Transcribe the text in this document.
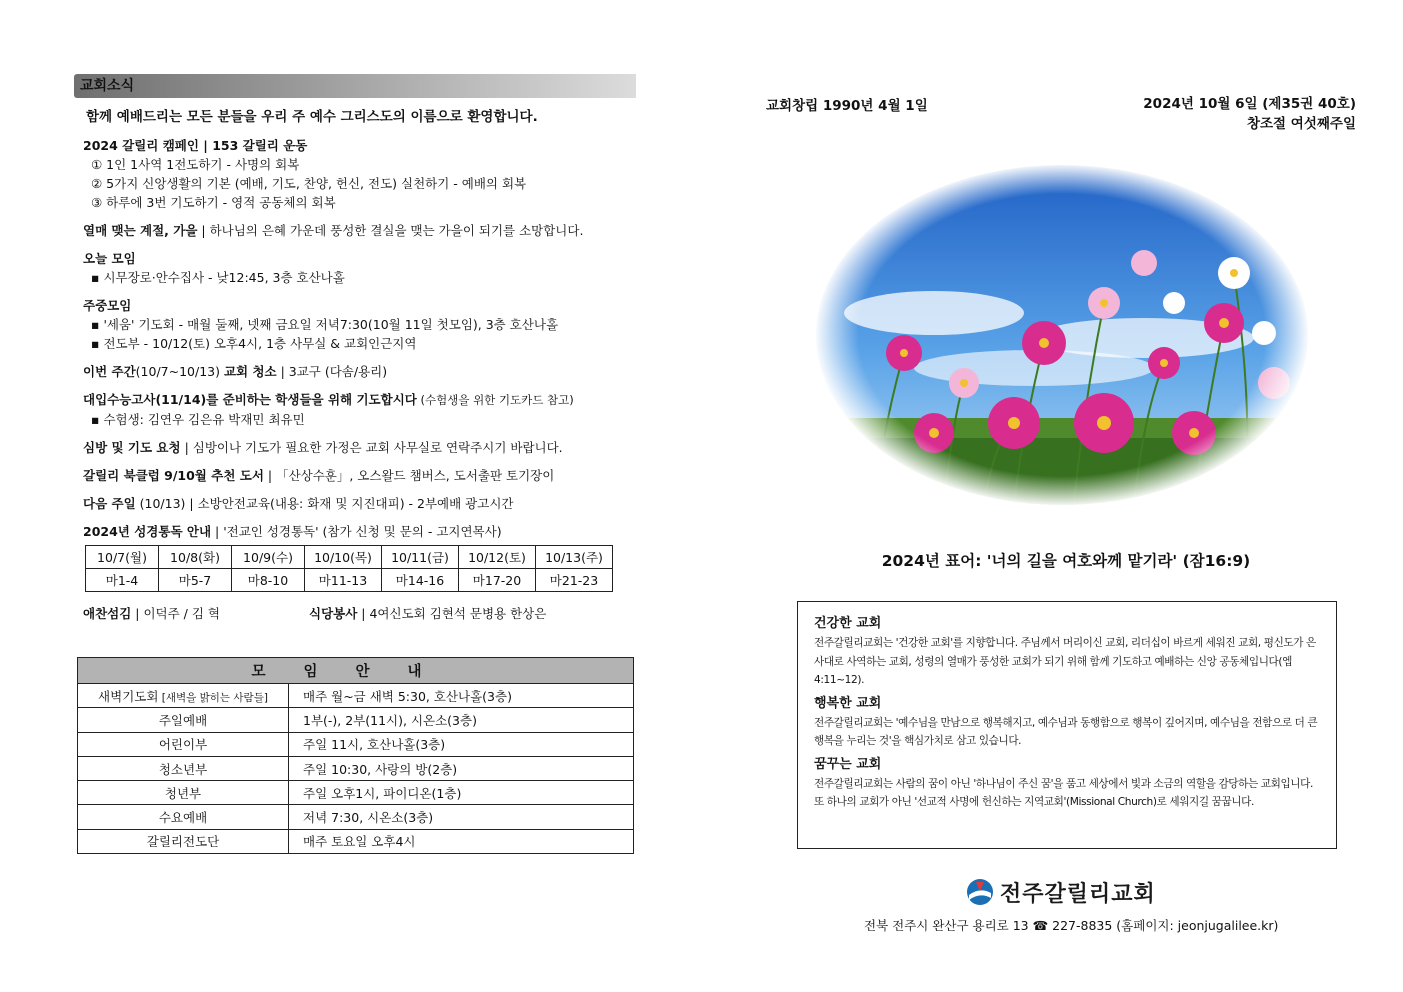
교회소식
함께 예배드리는 모든 분들을 우리 주 예수 그리스도의 이름으로 환영합니다.
2024 갈릴리 캠페인 | 153 갈릴리 운동
① 1인 1사역 1전도하기 - 사명의 회복
② 5가지 신앙생활의 기본 (예배, 기도, 찬양, 헌신, 전도) 실천하기 - 예배의 회복
③ 하루에 3번 기도하기 - 영적 공동체의 회복
열매 맺는 계절, 가을 | 하나님의 은혜 가운데 풍성한 결실을 맺는 가을이 되기를 소망합니다.
오늘 모임
▪ 시무장로·안수집사 - 낮12:45, 3층 호산나홀
주중모임
▪ '세움' 기도회 - 매월 둘째, 넷째 금요일 저녁7:30(10월 11일 첫모임), 3층 호산나홀
▪ 전도부 - 10/12(토) 오후4시, 1층 사무실 & 교회인근지역
이번 주간(10/7~10/13) 교회 청소 | 3교구 (다솜/용리)
대입수능고사(11/14)를 준비하는 학생들을 위해 기도합시다 (수험생을 위한 기도카드 참고)
▪ 수험생: 김연우 김은유 박재민 최유민
심방 및 기도 요청 | 심방이나 기도가 필요한 가정은 교회 사무실로 연락주시기 바랍니다.
갈릴리 북클럽 9/10월 추천 도서 | 「산상수훈」, 오스왈드 챔버스, 도서출판 토기장이
다음 주일 (10/13) | 소방안전교육(내용: 화재 및 지진대피) - 2부예배 광고시간
2024년 성경통독 안내 | '전교인 성경통독' (참가 신청 및 문의 - 고지연목사)
10/7(월)	10/8(화)	10/9(수)	10/10(목)	10/11(금)	10/12(토)	10/13(주)
마1-4	마5-7	마8-10	마11-13	마14-16	마17-20	마21-23
애찬섬김 | 이덕주 / 김 혁	식당봉사 | 4여신도회 김현석 문병용 한상은
모임안내	
새벽기도회 [새벽을 밝히는 사람들]	매주 월~금 새벽 5:30, 호산나홀(3층)
주일예배	1부(-), 2부(11시), 시온소(3층)
어린이부	주일 11시, 호산나홀(3층)
청소년부	주일 10:30, 사랑의 방(2층)
청년부	주일 오후1시, 파이디온(1층)
수요예배	저녁 7:30, 시온소(3층)
갈릴리전도단	매주 토요일 오후4시
교회창립 1990년 4월 1일	2024년 10월 6일 (제35권 40호)
창조절 여섯째주일
2024년 표어: '너의 길을 여호와께 맡기라' (잠16:9)
건강한 교회

전주갈릴리교회는 '건강한 교회'를 지향합니다. 주님께서 머리이신 교회, 리더십이 바르게 세워진 교회, 평신도가 은사대로 사역하는 교회, 성령의 열매가 풍성한 교회가 되기 위해 함께 기도하고 예배하는 신앙 공동체입니다(엡4:11~12).

행복한 교회

전주갈릴리교회는 '예수님을 만남으로 행복해지고, 예수님과 동행함으로 행복이 깊어지며, 예수님을 전함으로 더 큰 행복을 누리는 것'을 핵심가치로 삼고 있습니다.

꿈꾸는 교회

전주갈릴리교회는 사람의 꿈이 아닌 '하나님이 주신 꿈'을 품고 세상에서 빛과 소금의 역할을 감당하는 교회입니다. 또 하나의 교회가 아닌 '선교적 사명에 헌신하는 지역교회'(Missional Church)로 세워지길 꿈꿉니다.

전주갈릴리교회
전북 전주시 완산구 용리로 13 ☎ 227-8835 (홈페이지: jeonjugalilee.kr)
